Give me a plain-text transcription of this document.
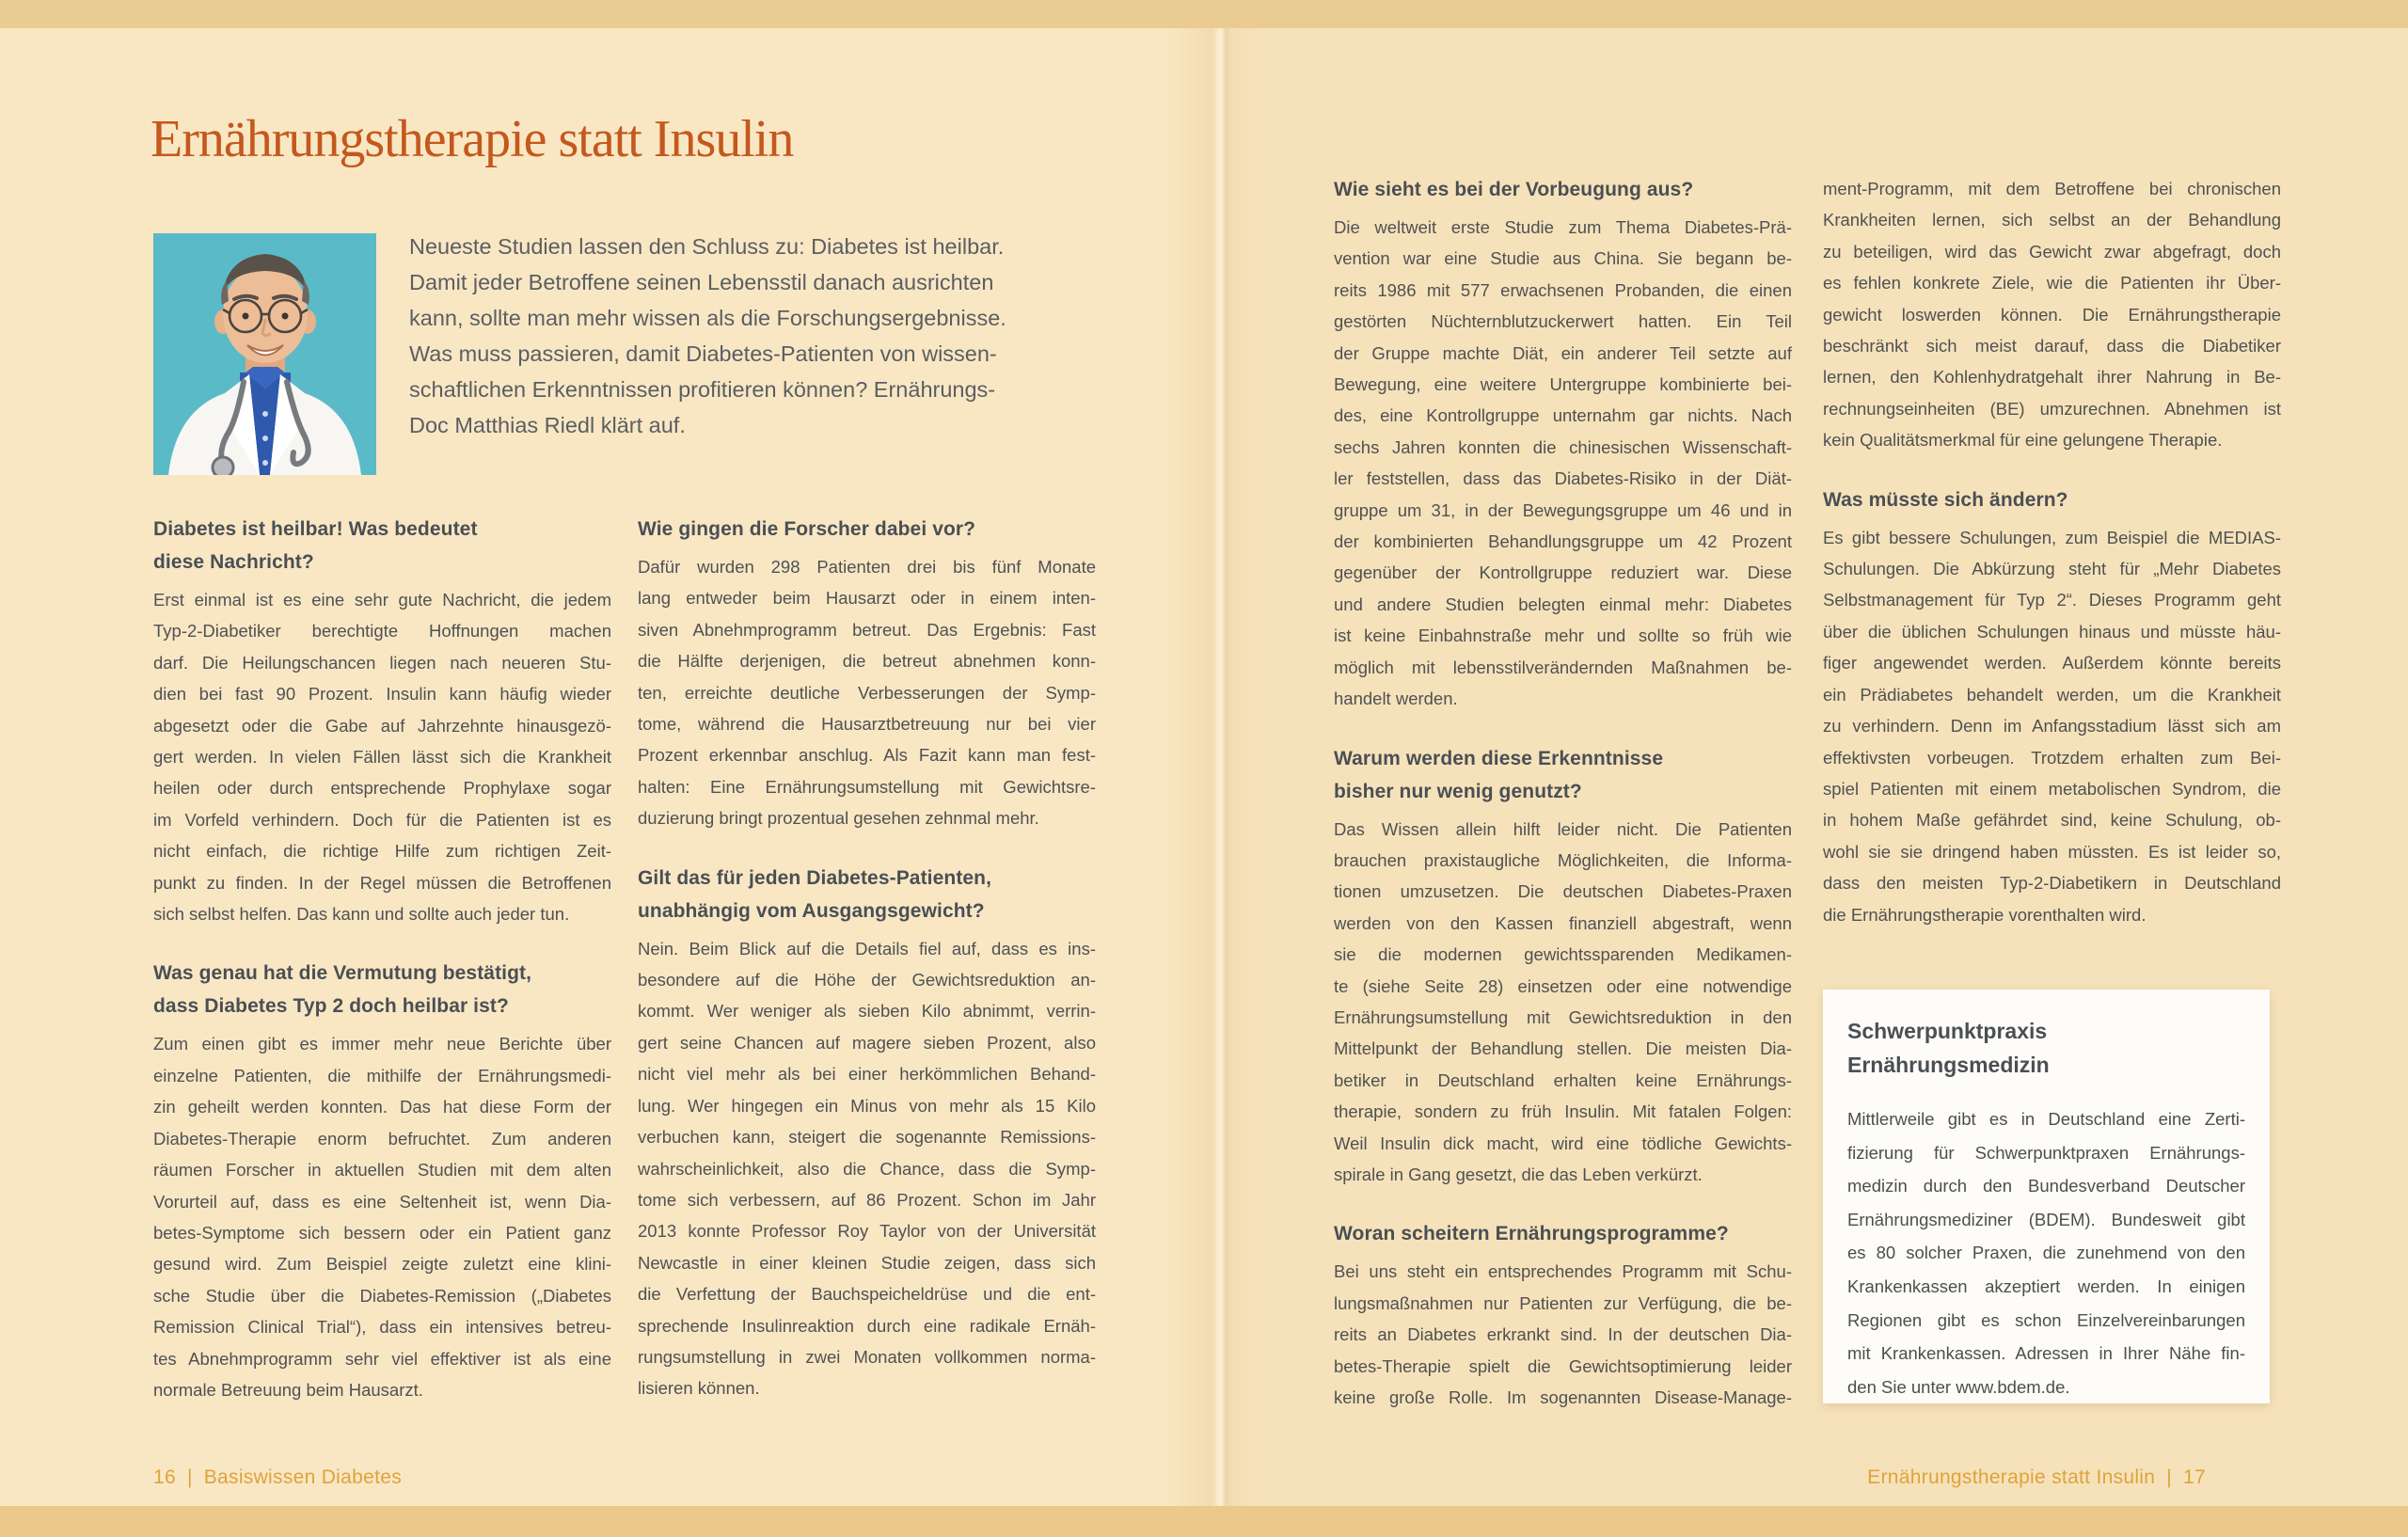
Ernährungstherapie statt Insulin
Neueste Studien lassen den Schluss zu: Diabetes ist heilbar.
Damit jeder Betroffene seinen Lebensstil danach ausrichten
kann, sollte man mehr wissen als die Forschungsergebnisse.
Was muss passieren, damit Diabetes-Patienten von wissen-
schaftlichen Erkenntnissen profitieren können? Ernährungs-
Doc Matthias Riedl klärt auf.
Diabetes ist heilbar! Was bedeutet
diese Nachricht?
Erst einmal ist es eine sehr gute Nachricht, die jedem
Typ-2-Diabetiker berechtigte Hoffnungen machen
darf. Die Heilungschancen liegen nach neueren Stu-
dien bei fast 90 Prozent. Insulin kann häufig wieder
abgesetzt oder die Gabe auf Jahrzehnte hinausgezö-
gert werden. In vielen Fällen lässt sich die Krankheit
heilen oder durch entsprechende Prophylaxe sogar
im Vorfeld verhindern. Doch für die Patienten ist es
nicht einfach, die richtige Hilfe zum richtigen Zeit-
punkt zu finden. In der Regel müssen die Betroffenen
sich selbst helfen. Das kann und sollte auch jeder tun.
Was genau hat die Vermutung bestätigt,
dass Diabetes Typ 2 doch heilbar ist?
Zum einen gibt es immer mehr neue Berichte über
einzelne Patienten, die mithilfe der Ernährungsmedi-
zin geheilt werden konnten. Das hat diese Form der
Diabetes-Therapie enorm befruchtet. Zum anderen
räumen Forscher in aktuellen Studien mit dem alten
Vorurteil auf, dass es eine Seltenheit ist, wenn Dia-
betes-Symptome sich bessern oder ein Patient ganz
gesund wird. Zum Beispiel zeigte zuletzt eine klini-
sche Studie über die Diabetes-Remission („Diabetes
Remission Clinical Trial“), dass ein intensives betreu-
tes Abnehmprogramm sehr viel effektiver ist als eine
normale Betreuung beim Hausarzt.
Wie gingen die Forscher dabei vor?
Dafür wurden 298 Patienten drei bis fünf Monate
lang entweder beim Hausarzt oder in einem inten-
siven Abnehmprogramm betreut. Das Ergebnis: Fast
die Hälfte derjenigen, die betreut abnehmen konn-
ten, erreichte deutliche Verbesserungen der Symp-
tome, während die Hausarztbetreuung nur bei vier
Prozent erkennbar anschlug. Als Fazit kann man fest-
halten: Eine Ernährungsumstellung mit Gewichtsre-
duzierung bringt prozentual gesehen zehnmal mehr.
Gilt das für jeden Diabetes-Patienten,
unabhängig vom Ausgangsgewicht?
Nein. Beim Blick auf die Details fiel auf, dass es ins-
besondere auf die Höhe der Gewichtsreduktion an-
kommt. Wer weniger als sieben Kilo abnimmt, verrin-
gert seine Chancen auf magere sieben Prozent, also
nicht viel mehr als bei einer herkömmlichen Behand-
lung. Wer hingegen ein Minus von mehr als 15 Kilo
verbuchen kann, steigert die sogenannte Remissions-
wahrscheinlichkeit, also die Chance, dass die Symp-
tome sich verbessern, auf 86 Prozent. Schon im Jahr
2013 konnte Professor Roy Taylor von der Universität
Newcastle in einer kleinen Studie zeigen, dass sich
die Verfettung der Bauchspeicheldrüse und die ent-
sprechende Insulinreaktion durch eine radikale Ernäh-
rungsumstellung in zwei Monaten vollkommen norma-
lisieren können.
Wie sieht es bei der Vorbeugung aus?
Die weltweit erste Studie zum Thema Diabetes-Prä-
vention war eine Studie aus China. Sie begann be-
reits 1986 mit 577 erwachsenen Probanden, die einen
gestörten Nüchternblutzuckerwert hatten. Ein Teil
der Gruppe machte Diät, ein anderer Teil setzte auf
Bewegung, eine weitere Untergruppe kombinierte bei-
des, eine Kontrollgruppe unternahm gar nichts. Nach
sechs Jahren konnten die chinesischen Wissenschaft-
ler feststellen, dass das Diabetes-Risiko in der Diät-
gruppe um 31, in der Bewegungsgruppe um 46 und in
der kombinierten Behandlungsgruppe um 42 Prozent
gegenüber der Kontrollgruppe reduziert war. Diese
und andere Studien belegten einmal mehr: Diabetes
ist keine Einbahnstraße mehr und sollte so früh wie
möglich mit lebensstilverändernden Maßnahmen be-
handelt werden.
Warum werden diese Erkenntnisse
bisher nur wenig genutzt?
Das Wissen allein hilft leider nicht. Die Patienten
brauchen praxistaugliche Möglichkeiten, die Informa-
tionen umzusetzen. Die deutschen Diabetes-Praxen
werden von den Kassen finanziell abgestraft, wenn
sie die modernen gewichtssparenden Medikamen-
te (siehe Seite 28) einsetzen oder eine notwendige
Ernährungsumstellung mit Gewichtsreduktion in den
Mittelpunkt der Behandlung stellen. Die meisten Dia-
betiker in Deutschland erhalten keine Ernährungs-
therapie, sondern zu früh Insulin. Mit fatalen Folgen:
Weil Insulin dick macht, wird eine tödliche Gewichts-
spirale in Gang gesetzt, die das Leben verkürzt.
Woran scheitern Ernährungsprogramme?
Bei uns steht ein entsprechendes Programm mit Schu-
lungsmaßnahmen nur Patienten zur Verfügung, die be-
reits an Diabetes erkrankt sind. In der deutschen Dia-
betes-Therapie spielt die Gewichtsoptimierung leider
keine große Rolle. Im sogenannten Disease-Manage-
ment-Programm, mit dem Betroffene bei chronischen
Krankheiten lernen, sich selbst an der Behandlung
zu beteiligen, wird das Gewicht zwar abgefragt, doch
es fehlen konkrete Ziele, wie die Patienten ihr Über-
gewicht loswerden können. Die Ernährungstherapie
beschränkt sich meist darauf, dass die Diabetiker
lernen, den Kohlenhydratgehalt ihrer Nahrung in Be-
rechnungseinheiten (BE) umzurechnen. Abnehmen ist
kein Qualitätsmerkmal für eine gelungene Therapie.
Was müsste sich ändern?
Es gibt bessere Schulungen, zum Beispiel die MEDIAS-
Schulungen. Die Abkürzung steht für „Mehr Diabetes
Selbstmanagement für Typ 2“. Dieses Programm geht
über die üblichen Schulungen hinaus und müsste häu-
figer angewendet werden. Außerdem könnte bereits
ein Prädiabetes behandelt werden, um die Krankheit
zu verhindern. Denn im Anfangsstadium lässt sich am
effektivsten vorbeugen. Trotzdem erhalten zum Bei-
spiel Patienten mit einem metabolischen Syndrom, die
in hohem Maße gefährdet sind, keine Schulung, ob-
wohl sie sie dringend haben müssten. Es ist leider so,
dass den meisten Typ-2-Diabetikern in Deutschland
die Ernährungstherapie vorenthalten wird.
Schwerpunktpraxis
Ernährungsmedizin
Mittlerweile gibt es in Deutschland eine Zerti-
fizierung für Schwerpunktpraxen Ernährungs-
medizin durch den Bundesverband Deutscher
Ernährungsmediziner (BDEM). Bundesweit gibt
es 80 solcher Praxen, die zunehmend von den
Krankenkassen akzeptiert werden. In einigen
Regionen gibt es schon Einzelvereinbarungen
mit Krankenkassen. Adressen in Ihrer Nähe fin-
den Sie unter www.bdem.de.
16 | Basiswissen Diabetes	Ernährungstherapie statt Insulin | 17
